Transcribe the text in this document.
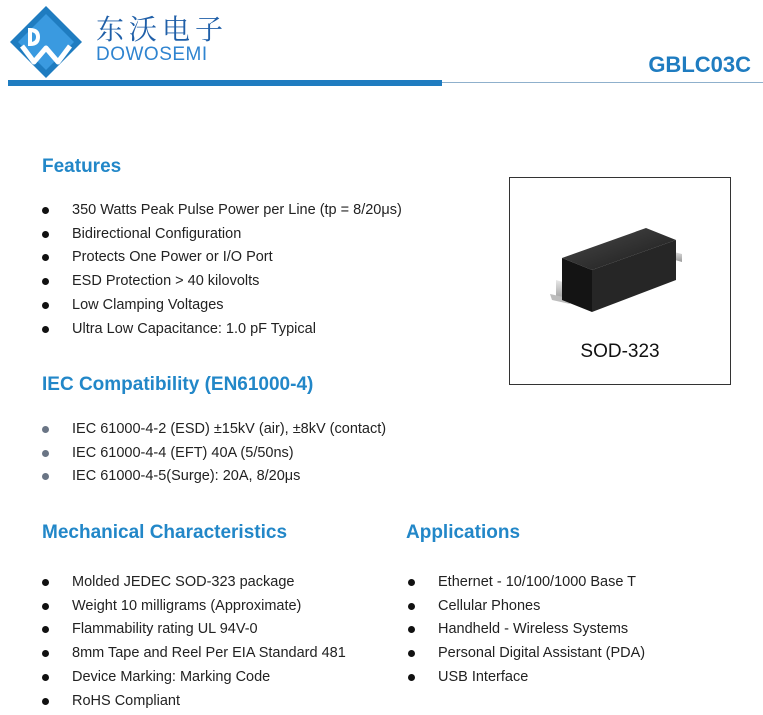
东沃电子
DOWOSEMI	GBLC03C
Features
350 Watts Peak Pulse Power per Line (tp = 8/20μs)
Bidirectional Configuration
Protects One Power or I/O Port
ESD Protection > 40 kilovolts
Low Clamping Voltages
Ultra Low Capacitance: 1.0 pF Typical
SOD-323
IEC Compatibility (EN61000-4)
IEC 61000-4-2 (ESD) ±15kV (air), ±8kV (contact)
IEC 61000-4-4 (EFT) 40A (5/50ns)
IEC 61000-4-5(Surge): 20A, 8/20μs
Mechanical Characteristics
Molded JEDEC SOD-323 package
Weight 10 milligrams (Approximate)
Flammability rating UL 94V-0
8mm Tape and Reel Per EIA Standard 481
Device Marking: Marking Code
RoHS Compliant
Applications
Ethernet - 10/100/1000 Base T
Cellular Phones
Handheld - Wireless Systems
Personal Digital Assistant (PDA)
USB Interface
